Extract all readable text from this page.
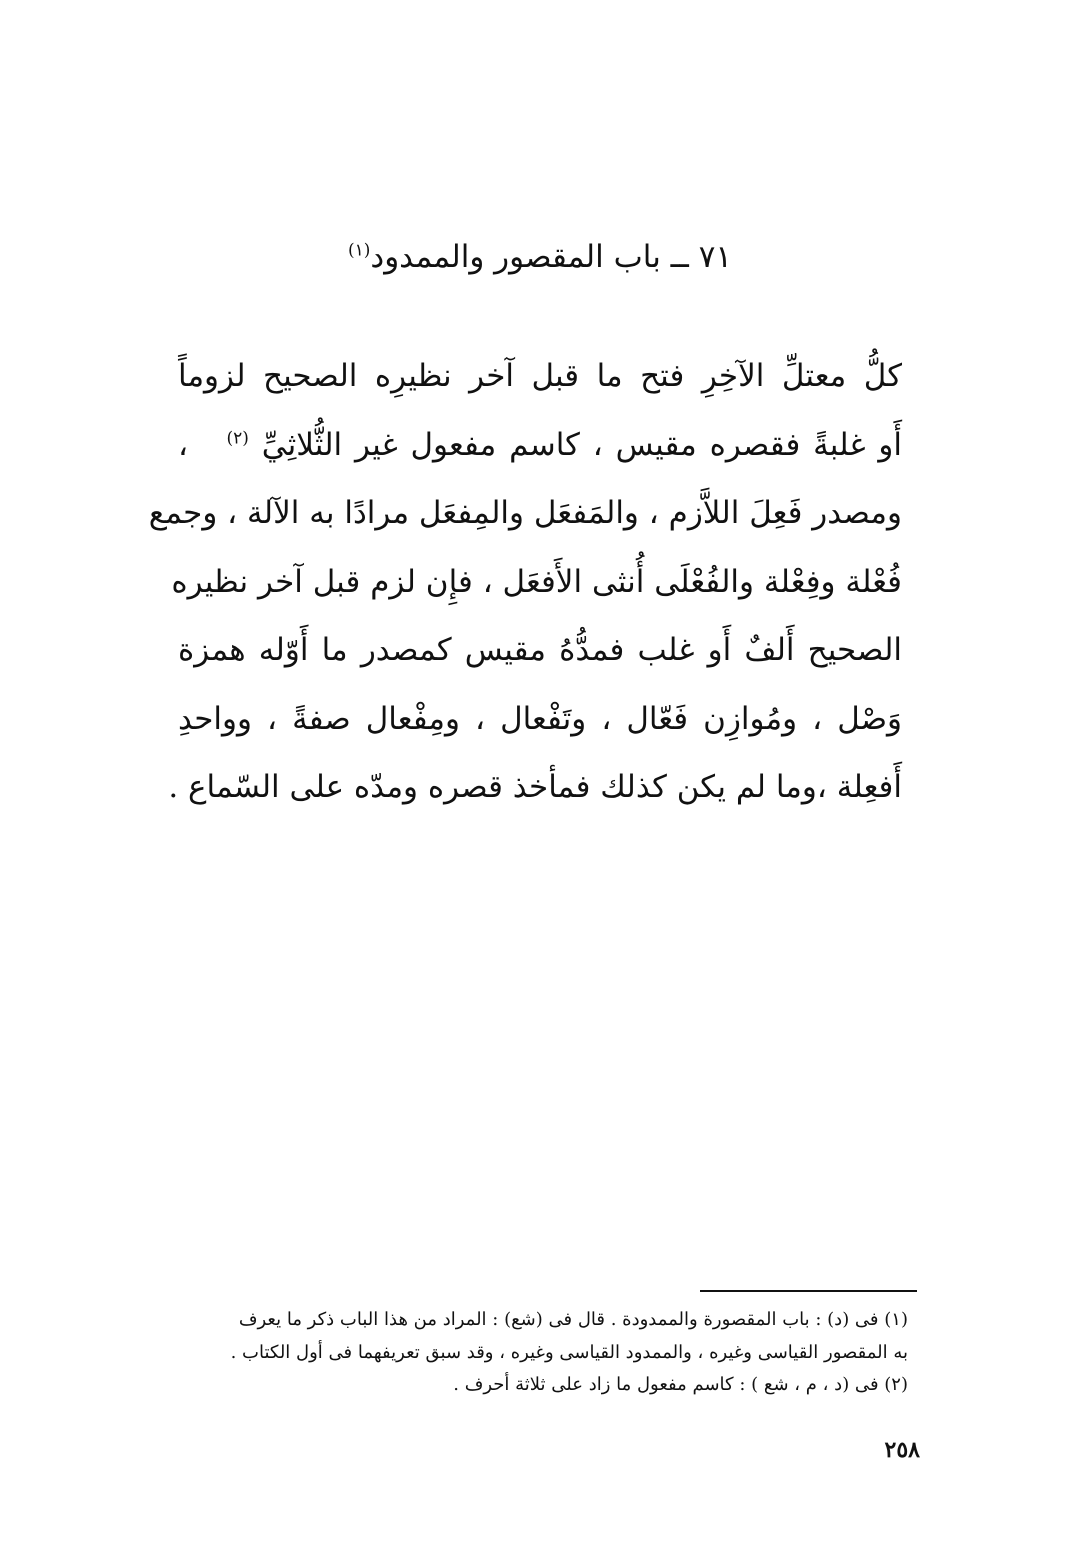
٧١ ــ باب المقصور والممدود$^{(١)}$
كلُّ معتلِّ الآخِرِ فتح ما قبل آخر نظيرِه الصحيح لزوماً
أَو غلبةً فقصره مقيس ، كاسم مفعول غير الثُّلاثِيِّ $^{(٢)}$   ،
ومصدر فَعِلَ اللاَّزم ، والمَفعَل والمِفعَل مرادًا به الآلة ، وجمع
فُعْلة وفِعْلة والفُعْلَى أُنثى الأَفعَل ، فإِن لزم قبل آخر نظيره
الصحيح أَلفٌ أَو غلب فمدُّهُ مقيس كمصدر ما أَوّله همزة
وَصْل ، ومُوازِن فَعّال ، وتَفْعال ، ومِفْعال صفةً ، وواحدِ
أَفعِلة ،وما لم يكن كذلك فمأخذ قصره ومدّه على السّماع .
(١) فى (د) : باب المقصورة والممدودة . قال فى (شع) : المراد من هذا الباب ذكر ما يعرف
به المقصور القياسى وغيره ، والممدود القياسى وغيره ، وقد سبق تعريفهما فى أول الكتاب .
(٢) فى (د ، م ، شع ) : كاسم مفعول ما زاد على ثلاثة أحرف .
٢٥٨
